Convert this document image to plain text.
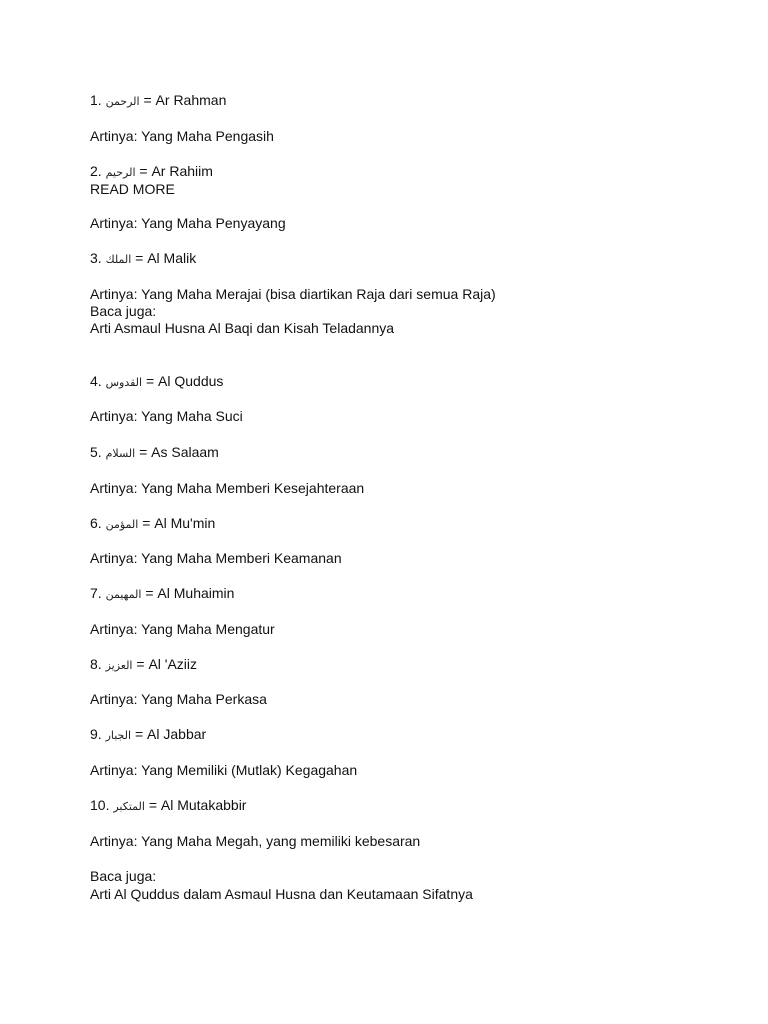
1. الرحمن = Ar Rahman
Artinya: Yang Maha Pengasih
2. الرحيم = Ar Rahiim
READ MORE
Artinya: Yang Maha Penyayang
3. الملك = Al Malik
Artinya: Yang Maha Merajai (bisa diartikan Raja dari semua Raja)
Baca juga:
Arti Asmaul Husna Al Baqi dan Kisah Teladannya
4. القدوس = Al Quddus
Artinya: Yang Maha Suci
5. السلام = As Salaam
Artinya: Yang Maha Memberi Kesejahteraan
6. المؤمن = Al Mu'min
Artinya: Yang Maha Memberi Keamanan
7. المهيمن = Al Muhaimin
Artinya: Yang Maha Mengatur
8. العزيز = Al 'Aziiz
Artinya: Yang Maha Perkasa
9. الجبار = Al Jabbar
Artinya: Yang Memiliki (Mutlak) Kegagahan
10. المتكبر = Al Mutakabbir
Artinya: Yang Maha Megah, yang memiliki kebesaran
Baca juga:
Arti Al Quddus dalam Asmaul Husna dan Keutamaan Sifatnya
